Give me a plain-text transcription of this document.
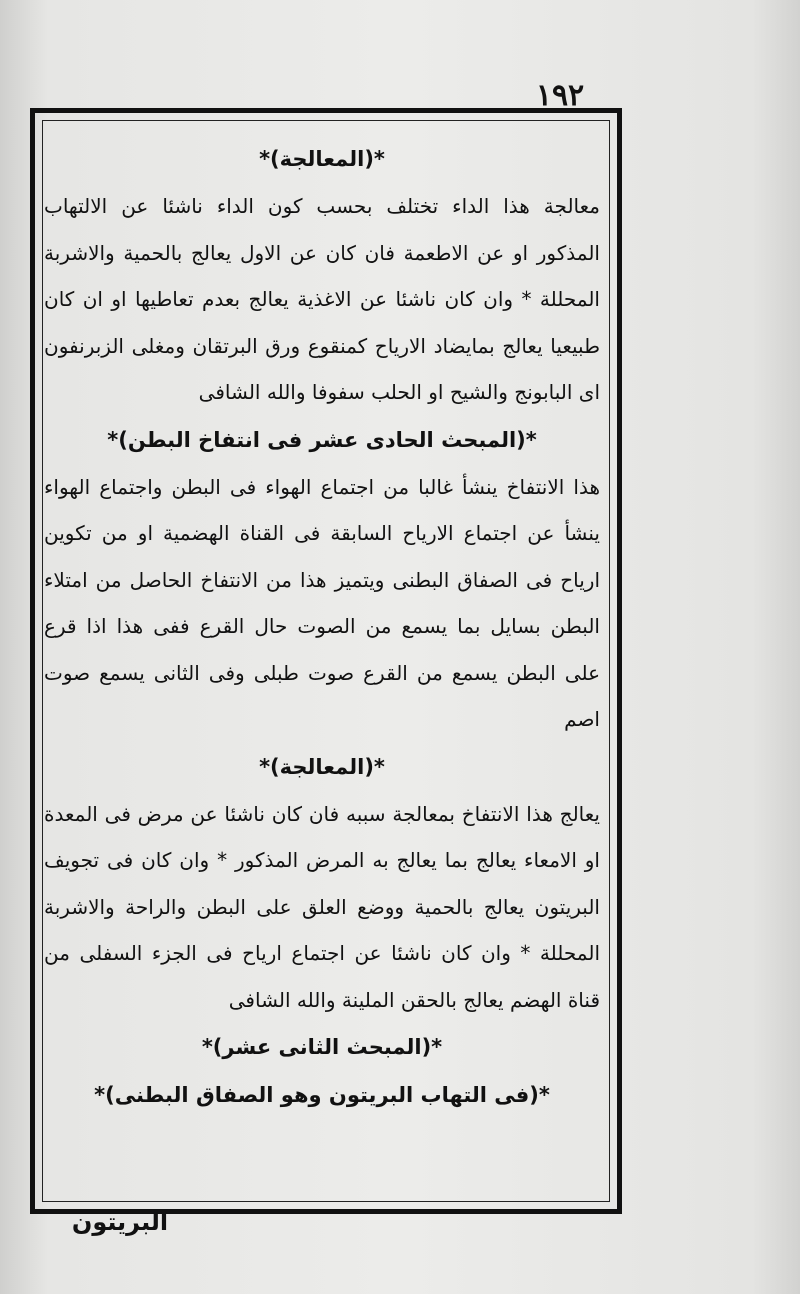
١٩٢
*(المعالجة)*

معالجة هذا الداء تختلف بحسب كون الداء ناشئا عن الالتهاب المذكور او عن الاطعمة فان كان عن الاول يعالج بالحمية والاشربة المحللة * وان كان ناشئا عن الاغذية يعالج بعدم تعاطيها او ان كان طبيعيا يعالج بمايضاد الارياح كمنقوع ورق البرتقان ومغلى الزبرنفون اى البابونج والشيح او الحلب سفوفا والله الشافى

*(المبحث الحادى عشر فى انتفاخ البطن)*

هذا الانتفاخ ينشأ غالبا من اجتماع الهواء فى البطن واجتماع الهواء ينشأ عن اجتماع الارياح السابقة فى القناة الهضمية او من تكوين ارياح فى الصفاق البطنى ويتميز هذا من الانتفاخ الحاصل من امتلاء البطن بسايل بما يسمع من الصوت حال القرع ففى هذا اذا قرع على البطن يسمع من القرع صوت طبلى وفى الثانى يسمع صوت اصم

*(المعالجة)*

يعالج هذا الانتفاخ بمعالجة سببه فان كان ناشئا عن مرض فى المعدة او الامعاء يعالج بما يعالج به المرض المذكور * وان كان فى تجويف البريتون يعالج بالحمية ووضع العلق على البطن والراحة والاشربة المحللة * وان كان ناشئا عن اجتماع ارياح فى الجزء السفلى من قناة الهضم يعالج بالحقن الملينة والله الشافى

*(المبحث الثانى عشر)*
*(فى التهاب البريتون وهو الصفاق البطنى)*
البريتون
